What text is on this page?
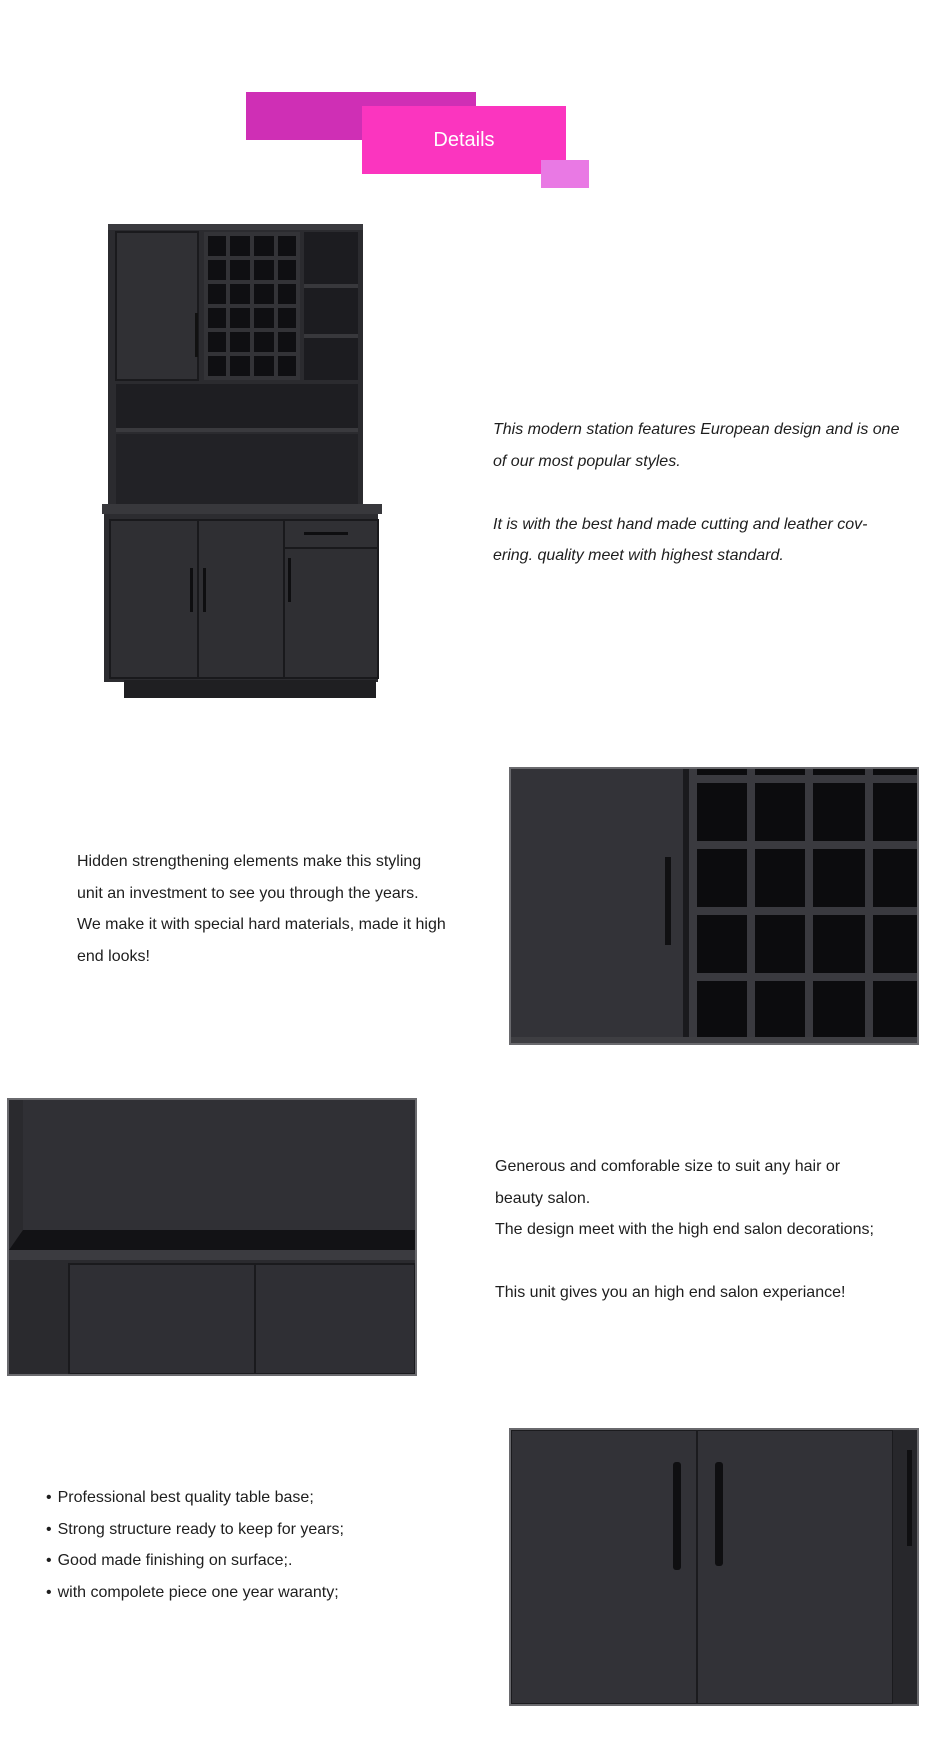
Details

This modern station features European design and is one of our most popular styles.

It is with the best hand made cutting and leather cov-ering. quality meet with highest standard.

Hidden strengthening elements make this styling

unit an investment to see you through the years.

We make it with special hard materials, made it high

end looks!

Generous and comforable size to suit any hair or

beauty salon.

The design meet with the high end salon decorations;

This unit gives you an high end salon experiance!

• Professional best quality table base;
• Strong structure ready to keep for years;
• Good made finishing on surface;.
• with compolete piece one year waranty;
